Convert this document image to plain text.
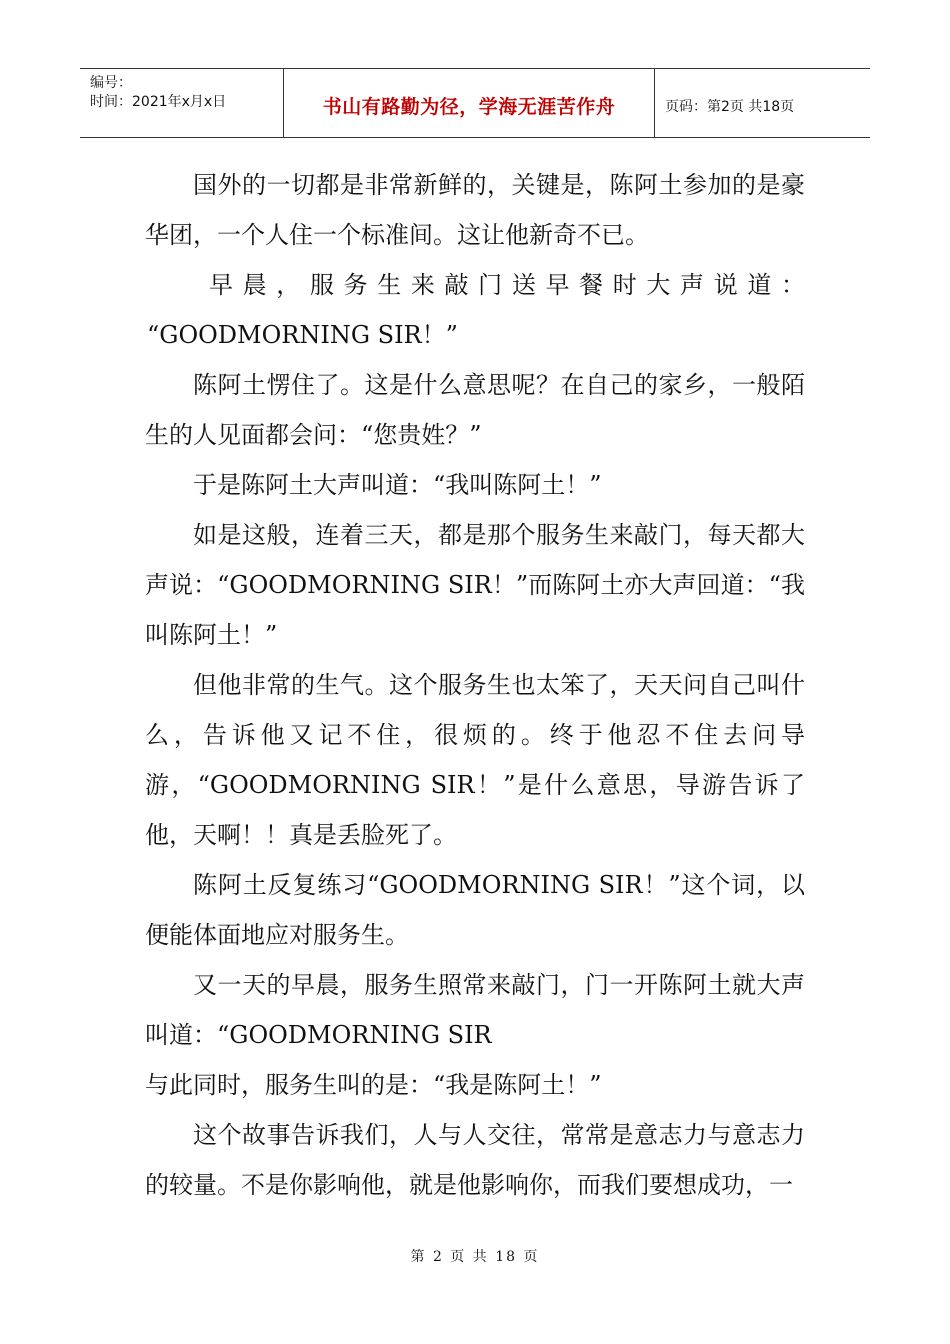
编号：
时间：2021年x月x日	书山有路勤为径，学海无涯苦作舟	页码：第2页 共18页

国外的一切都是非常新鲜的，关键是，陈阿土参加的是豪华团，一个人住一个标准间。这让他新奇不已。

早晨，服务生来敲门送早餐时大声说道：

“GOODMORNING SIR！”

陈阿土愣住了。这是什么意思呢？在自己的家乡，一般陌生的人见面都会问：“您贵姓？”

于是陈阿土大声叫道：“我叫陈阿土！”

如是这般，连着三天，都是那个服务生来敲门，每天都大声说：“GOODMORNING SIR！”而陈阿土亦大声回道：“我叫陈阿土！”

但他非常的生气。这个服务生也太笨了，天天问自己叫什么，告诉他又记不住，很烦的。终于他忍不住去问导游，“GOODMORNING SIR！”是什么意思，导游告诉了他，天啊！！真是丢脸死了。

陈阿土反复练习“GOODMORNING SIR！”这个词，以便能体面地应对服务生。

又一天的早晨，服务生照常来敲门，门一开陈阿土就大声叫道：“GOODMORNING SIR

与此同时，服务生叫的是：“我是陈阿土！”

这个故事告诉我们，人与人交往，常常是意志力与意志力的较量。不是你影响他，就是他影响你，而我们要想成功，一

第 2 页 共 18 页
